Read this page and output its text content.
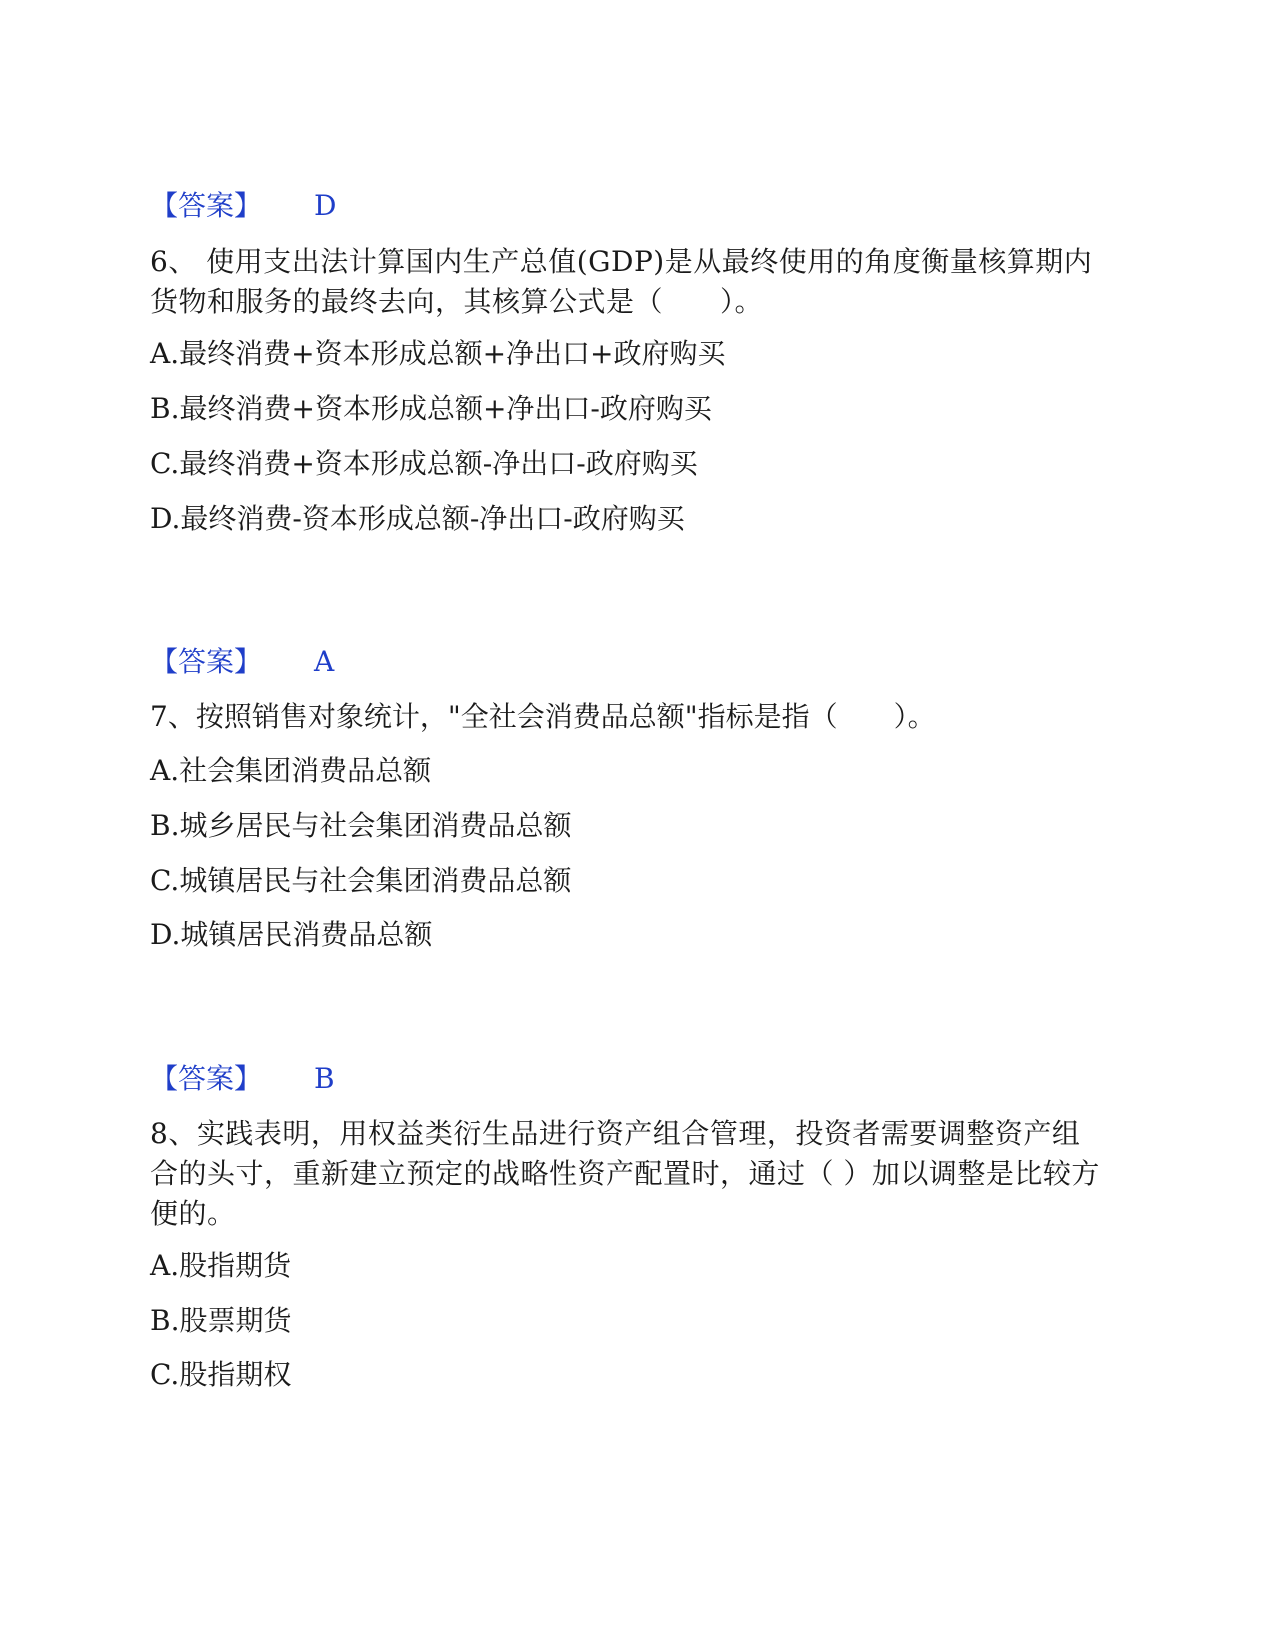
【答案】 D
6、 使用支出法计算国内生产总值(GDP)是从最终使用的角度衡量核算期内货物和服务的最终去向，其核算公式是（　　）。
A.最终消费+资本形成总额+净出口+政府购买
B.最终消费+资本形成总额+净出口-政府购买
C.最终消费+资本形成总额-净出口-政府购买
D.最终消费-资本形成总额-净出口-政府购买
【答案】 A
7、按照销售对象统计，"全社会消费品总额"指标是指（　　）。
A.社会集团消费品总额
B.城乡居民与社会集团消费品总额
C.城镇居民与社会集团消费品总额
D.城镇居民消费品总额
【答案】 B
8、实践表明，用权益类衍生品进行资产组合管理，投资者需要调整资产组合的头寸，重新建立预定的战略性资产配置时，通过（ ）加以调整是比较方便的。
A.股指期货
B.股票期货
C.股指期权
